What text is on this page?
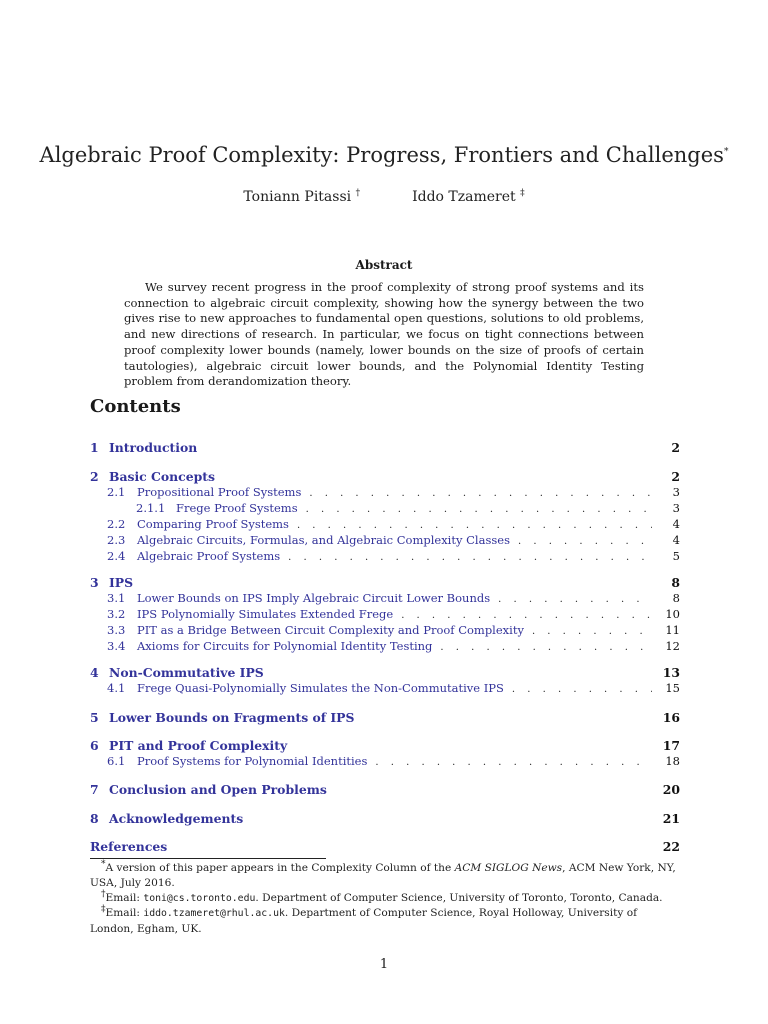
Algebraic Proof Complexity: Progress, Frontiers and Challenges*
Toniann Pitassi †	Iddo Tzameret ‡
Abstract
We survey recent progress in the proof complexity of strong proof systems and its connection to algebraic circuit complexity, showing how the synergy between the two gives rise to new approaches to fundamental open questions, solutions to old problems, and new directions of research. In particular, we focus on tight connections between proof complexity lower bounds (namely, lower bounds on the size of proofs of certain tautologies), algebraic circuit lower bounds, and the Polynomial Identity Testing problem from derandomization theory.
Contents
1 Introduction	2
2 Basic Concepts	2
2.1	Propositional Proof Systems . . .	3
2.1.1 Frege Proof Systems . . .	3
2.2	Comparing Proof Systems . . .	4
2.3	Algebraic Circuits, Formulas, and Algebraic Complexity Classes . . .	4
2.4	Algebraic Proof Systems . . .	5
3 IPS	8
3.1	Lower Bounds on IPS Imply Algebraic Circuit Lower Bounds . . .	8
3.2	IPS Polynomially Simulates Extended Frege . . .	10
3.3	PIT as a Bridge Between Circuit Complexity and Proof Complexity . . .	11
3.4	Axioms for Circuits for Polynomial Identity Testing . . .	12
4 Non-Commutative IPS	13
4.1	Frege Quasi-Polynomially Simulates the Non-Commutative IPS . . .	15
5 Lower Bounds on Fragments of IPS	16
6 PIT and Proof Complexity	17
6.1	Proof Systems for Polynomial Identities . . .	18
7 Conclusion and Open Problems	20
8 Acknowledgements	21
References	22
*A version of this paper appears in the Complexity Column of the ACM SIGLOG News, ACM New York, NY, USA, July 2016.
†Email: toni@cs.toronto.edu. Department of Computer Science, University of Toronto, Toronto, Canada.
‡Email: iddo.tzameret@rhul.ac.uk. Department of Computer Science, Royal Holloway, University of London, Egham, UK.
1
